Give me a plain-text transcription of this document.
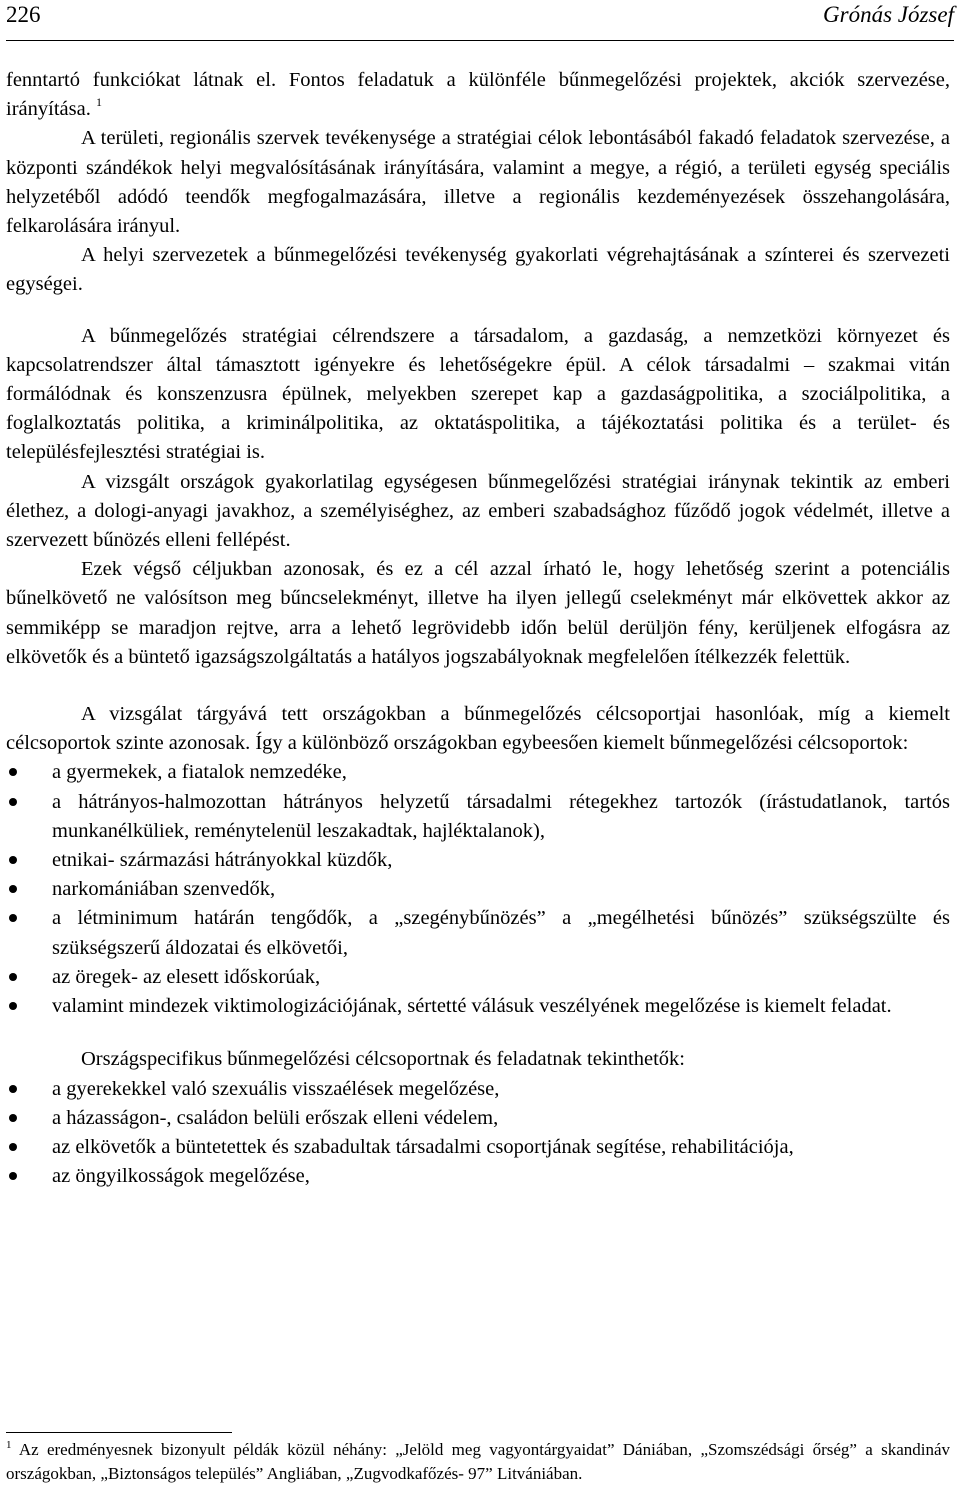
226	Grónás József

fenntartó funkciókat látnak el. Fontos feladatuk a különféle bűnmegelőzési projektek, akciók szervezése, irányítása. $^1$

A területi, regionális szervek tevékenysége a stratégiai célok lebontásából fakadó feladatok szervezése, a központi szándékok helyi megvalósításának irányítására, valamint a megye, a régió, a területi egység speciális helyzetéből adódó teendők megfogalmazására, illetve a regionális kezdeményezések összehangolására, felkarolására irányul.

A helyi szervezetek a bűnmegelőzési tevékenység gyakorlati végrehajtásának a színterei és szervezeti egységei.

A bűnmegelőzés stratégiai célrendszere a társadalom, a gazdaság, a nemzetközi környezet és kapcsolatrendszer által támasztott igényekre és lehetőségekre épül. A célok társadalmi – szakmai vitán formálódnak és konszenzusra épülnek, melyekben szerepet kap a gazdaságpolitika, a szociálpolitika, a foglalkoztatás politika, a kriminálpolitika, az oktatáspolitika, a tájékoztatási politika és a terület- és településfejlesztési stratégiai is.

A vizsgált országok gyakorlatilag egységesen bűnmegelőzési stratégiai iránynak tekintik az emberi élethez, a dologi-anyagi javakhoz, a személyiséghez, az emberi szabadsághoz fűződő jogok védelmét, illetve a szervezett bűnözés elleni fellépést.

Ezek végső céljukban azonosak, és ez a cél azzal írható le, hogy lehetőség szerint a potenciális bűnelkövető ne valósítson meg bűncselekményt, illetve ha ilyen jellegű cselekményt már elkövettek akkor az semmiképp se maradjon rejtve, arra a lehető legrövidebb időn belül derüljön fény, kerüljenek elfogásra az elkövetők és a büntető igazságszolgáltatás a hatályos jogszabályoknak megfelelően ítélkezzék felettük.

A vizsgálat tárgyává tett országokban a bűnmegelőzés célcsoportjai hasonlóak, míg a kiemelt célcsoportok szinte azonosak. Így a különböző országokban egybeesően kiemelt bűnmegelőzési célcsoportok:

a gyermekek, a fiatalok nemzedéke,
a hátrányos-halmozottan hátrányos helyzetű társadalmi rétegekhez tartozók (írástudatlanok, tartós munkanélküliek, reménytelenül leszakadtak, hajléktalanok),
etnikai- származási hátrányokkal küzdők,
narkomániában szenvedők,
a létminimum határán tengődők, a „szegénybűnözés” a „megélhetési bűnözés” szükségszülte és szükségszerű áldozatai és elkövetői,
az öregek- az elesett időskorúak,
valamint mindezek viktimologizációjának, sértetté válásuk veszélyének megelőzése is kiemelt feladat.

Országspecifikus bűnmegelőzési célcsoportnak és feladatnak tekinthetők:

a gyerekekkel való szexuális visszaélések megelőzése,
a házasságon-, családon belüli erőszak elleni védelem,
az elkövetők a büntetettek és szabadultak társadalmi csoportjának segítése, rehabilitációja,
az öngyilkosságok megelőzése,
$^1$ Az eredményesnek bizonyult példák közül néhány: „Jelöld meg vagyontárgyaidat” Dániában, „Szomszédsági őrség” a skandináv országokban, „Biztonságos település” Angliában, „Zugvodkafőzés- 97” Litvániában.
